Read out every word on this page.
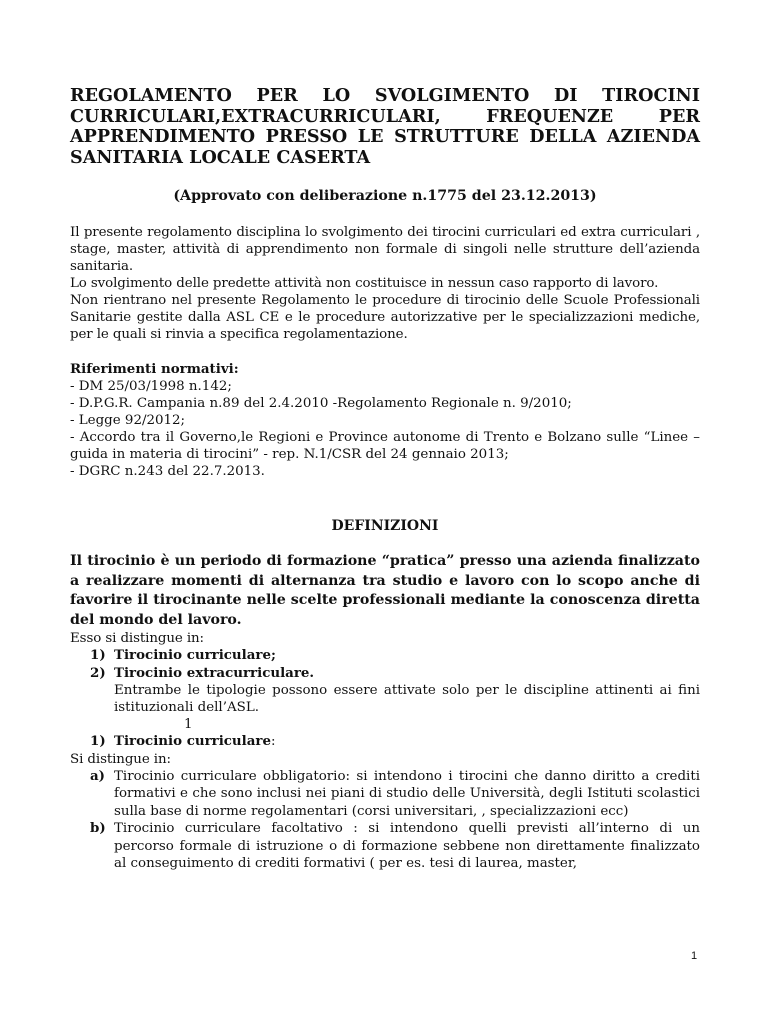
REGOLAMENTO PER LO SVOLGIMENTO DI TIROCINI CURRICULARI,EXTRACURRICULARI, FREQUENZE PER APPRENDIMENTO PRESSO LE STRUTTURE DELLA AZIENDA SANITARIA LOCALE CASERTA
(Approvato con deliberazione n.1775 del 23.12.2013)

Il presente regolamento disciplina lo svolgimento dei tirocini curriculari ed extra curriculari , stage, master, attività di apprendimento non formale di singoli nelle strutture dell’azienda sanitaria.

Lo svolgimento delle predette attività non costituisce in nessun caso rapporto di lavoro.

Non rientrano nel presente Regolamento le procedure di tirocinio delle Scuole Professionali Sanitarie gestite dalla ASL CE e le procedure autorizzative per le specializzazioni mediche, per le quali si rinvia a specifica regolamentazione.

Riferimenti normativi:
- DM 25/03/1998 n.142;
- D.P.G.R. Campania n.89 del 2.4.2010 -Regolamento Regionale n. 9/2010;
- Legge 92/2012;
- Accordo tra il Governo,le Regioni e Province autonome di Trento e Bolzano sulle “Linee – guida in materia di tirocini” - rep. N.1/CSR del 24 gennaio 2013;
- DGRC n.243 del 22.7.2013.
DEFINIZIONI

Il tirocinio è un periodo di formazione “pratica” presso una azienda finalizzato a realizzare momenti di alternanza tra studio e lavoro con lo scopo anche di favorire il tirocinante nelle scelte professionali mediante la conoscenza diretta del mondo del lavoro.

Esso si distingue in:

1) Tirocinio curriculare;
2) Tirocinio extracurriculare.

Entrambe le tipologie possono essere attivate solo per le discipline attinenti ai fini istituzionali dell’ASL.

1
1) Tirocinio curriculare:

Si distingue in:

a) Tirocinio curriculare obbligatorio: si intendono i tirocini che danno diritto a crediti formativi e che sono inclusi nei piani di studio delle Università, degli Istituti scolastici sulla base di norme regolamentari (corsi universitari, , specializzazioni ecc)
b) Tirocinio curriculare facoltativo : si intendono quelli previsti all’interno di un percorso formale di istruzione o di formazione sebbene non direttamente finalizzato al conseguimento di crediti formativi ( per es. tesi di laurea, master,
1
